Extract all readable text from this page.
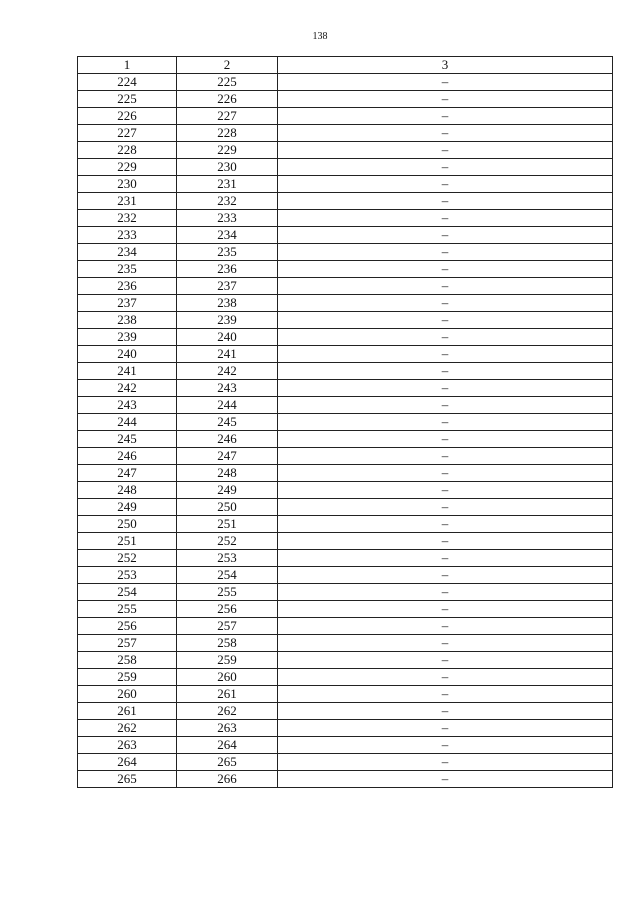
138
1	2	3
224	225	–
225	226	–
226	227	–
227	228	–
228	229	–
229	230	–
230	231	–
231	232	–
232	233	–
233	234	–
234	235	–
235	236	–
236	237	–
237	238	–
238	239	–
239	240	–
240	241	–
241	242	–
242	243	–
243	244	–
244	245	–
245	246	–
246	247	–
247	248	–
248	249	–
249	250	–
250	251	–
251	252	–
252	253	–
253	254	–
254	255	–
255	256	–
256	257	–
257	258	–
258	259	–
259	260	–
260	261	–
261	262	–
262	263	–
263	264	–
264	265	–
265	266	–
